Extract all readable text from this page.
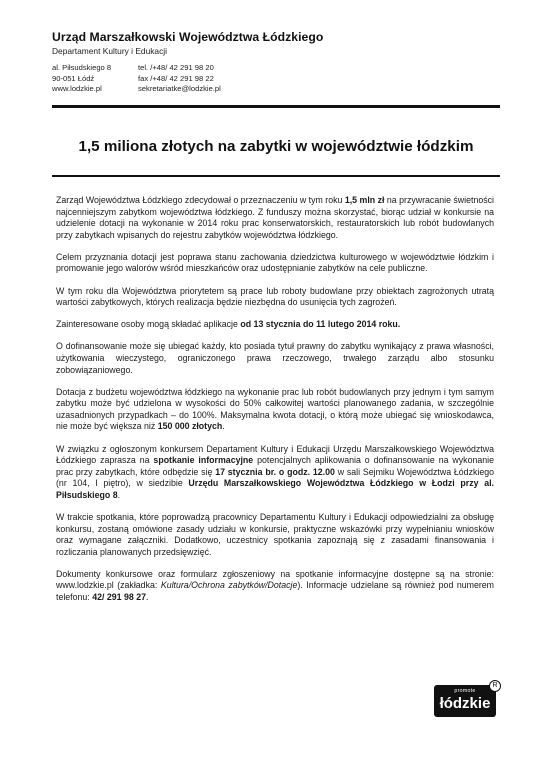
Urząd Marszałkowski Województwa Łódzkiego
Departament Kultury i Edukacji
al. Piłsudskiego 8
90-051 Łódź
www.lodzkie.pl
tel. /+48/ 42 291 98 20
fax /+48/ 42 291 98 22
sekretariatke@lodzkie.pl
1,5 miliona złotych na zabytki w województwie łódzkim

Zarząd Województwa Łódzkiego zdecydował o przeznaczeniu w tym roku 1,5 mln zł na przywracanie świetności najcenniejszym zabytkom województwa łódzkiego. Z funduszy można skorzystać, biorąc udział w konkursie na udzielenie dotacji na wykonanie w 2014 roku prac konserwatorskich, restauratorskich lub robót budowlanych przy zabytkach wpisanych do rejestru zabytków województwa łódzkiego.

Celem przyznania dotacji jest poprawa stanu zachowania dziedzictwa kulturowego w województwie łódzkim i promowanie jego walorów wśród mieszkańców oraz udostępnianie zabytków na cele publiczne.

W tym roku dla Województwa priorytetem są prace lub roboty budowlane przy obiektach zagrożonych utratą wartości zabytkowych, których realizacja będzie niezbędna do usunięcia tych zagrożeń.

Zainteresowane osoby mogą składać aplikacje od 13 stycznia do 11 lutego 2014 roku.

O dofinansowanie może się ubiegać każdy, kto posiada tytuł prawny do zabytku wynikający z prawa własności, użytkowania wieczystego, ograniczonego prawa rzeczowego, trwałego zarządu albo stosunku zobowiązaniowego.

Dotacja z budżetu województwa łódzkiego na wykonanie prac lub robót budowlanych przy jednym i tym samym zabytku może być udzielona w wysokości do 50% całkowitej wartości planowanego zadania, w szczególnie uzasadnionych przypadkach – do 100%. Maksymalna kwota dotacji, o którą może ubiegać się wnioskodawca, nie może być większa niż 150 000 złotych.

W związku z ogłoszonym konkursem Departament Kultury i Edukacji Urzędu Marszałkowskiego Województwa Łódzkiego zaprasza na spotkanie informacyjne potencjalnych aplikowania o dofinansowanie na wykonanie prac przy zabytkach, które odbędzie się 17 stycznia br. o godz. 12.00 w sali Sejmiku Województwa Łódzkiego (nr 104, I piętro), w siedzibie Urzędu Marszałkowskiego Województwa Łódzkiego w Łodzi przy al. Piłsudskiego 8.

W trakcie spotkania, które poprowadzą pracownicy Departamentu Kultury i Edukacji odpowiedzialni za obsługę konkursu, zostaną omówione zasady udziału w konkursie, praktyczne wskazówki przy wypełnianiu wniosków oraz wymagane załączniki. Dodatkowo, uczestnicy spotkania zapoznają się z zasadami finansowania i rozliczania planowanych przedsięwzięć.

Dokumenty konkursowe oraz formularz zgłoszeniowy na spotkanie informacyjne dostępne są na stronie: www.lodzkie.pl (zakładka: Kultura/Ochrona zabytków/Dotacje). Informacje udzielane są również pod numerem telefonu: 42/ 291 98 27.

promote
łódzkie
R
